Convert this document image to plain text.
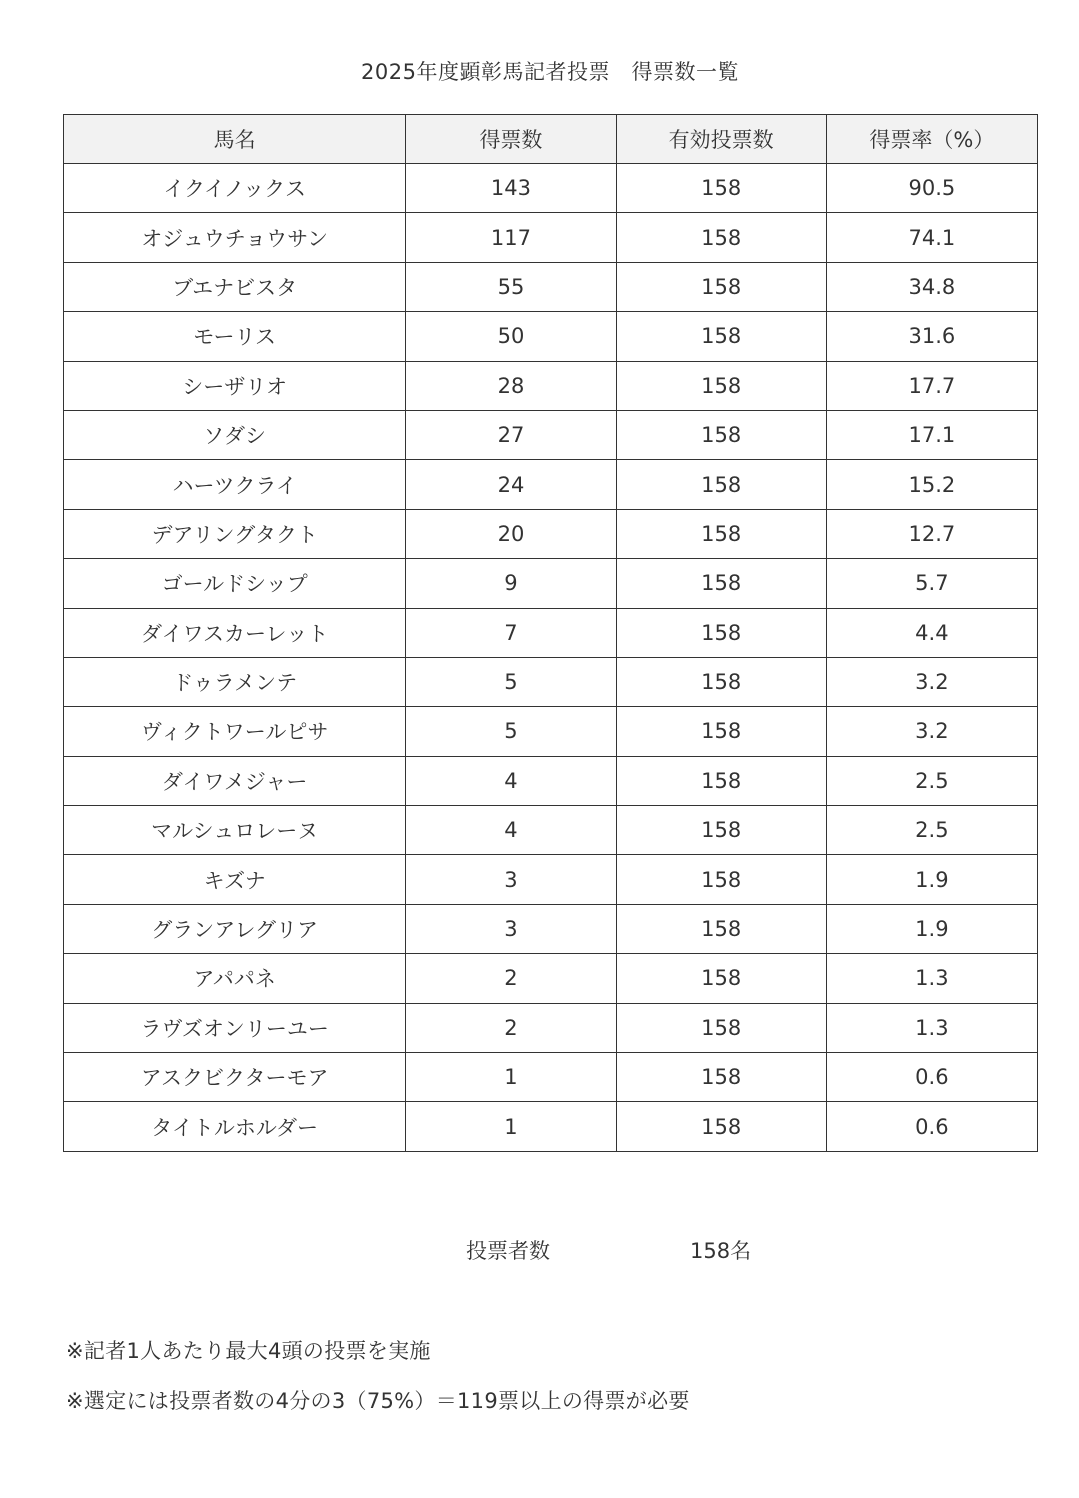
2025年度顕彰馬記者投票　得票数一覧
馬名	得票数	有効投票数	得票率（%）
イクイノックス	143	158	90.5
オジュウチョウサン	117	158	74.1
ブエナビスタ	55	158	34.8
モーリス	50	158	31.6
シーザリオ	28	158	17.7
ソダシ	27	158	17.1
ハーツクライ	24	158	15.2
デアリングタクト	20	158	12.7
ゴールドシップ	9	158	5.7
ダイワスカーレット	7	158	4.4
ドゥラメンテ	5	158	3.2
ヴィクトワールピサ	5	158	3.2
ダイワメジャー	4	158	2.5
マルシュロレーヌ	4	158	2.5
キズナ	3	158	1.9
グランアレグリア	3	158	1.9
アパパネ	2	158	1.3
ラヴズオンリーユー	2	158	1.3
アスクビクターモア	1	158	0.6
タイトルホルダー	1	158	0.6
投票者数	158名
※記者1人あたり最大4頭の投票を実施
※選定には投票者数の4分の3（75%）＝119票以上の得票が必要
